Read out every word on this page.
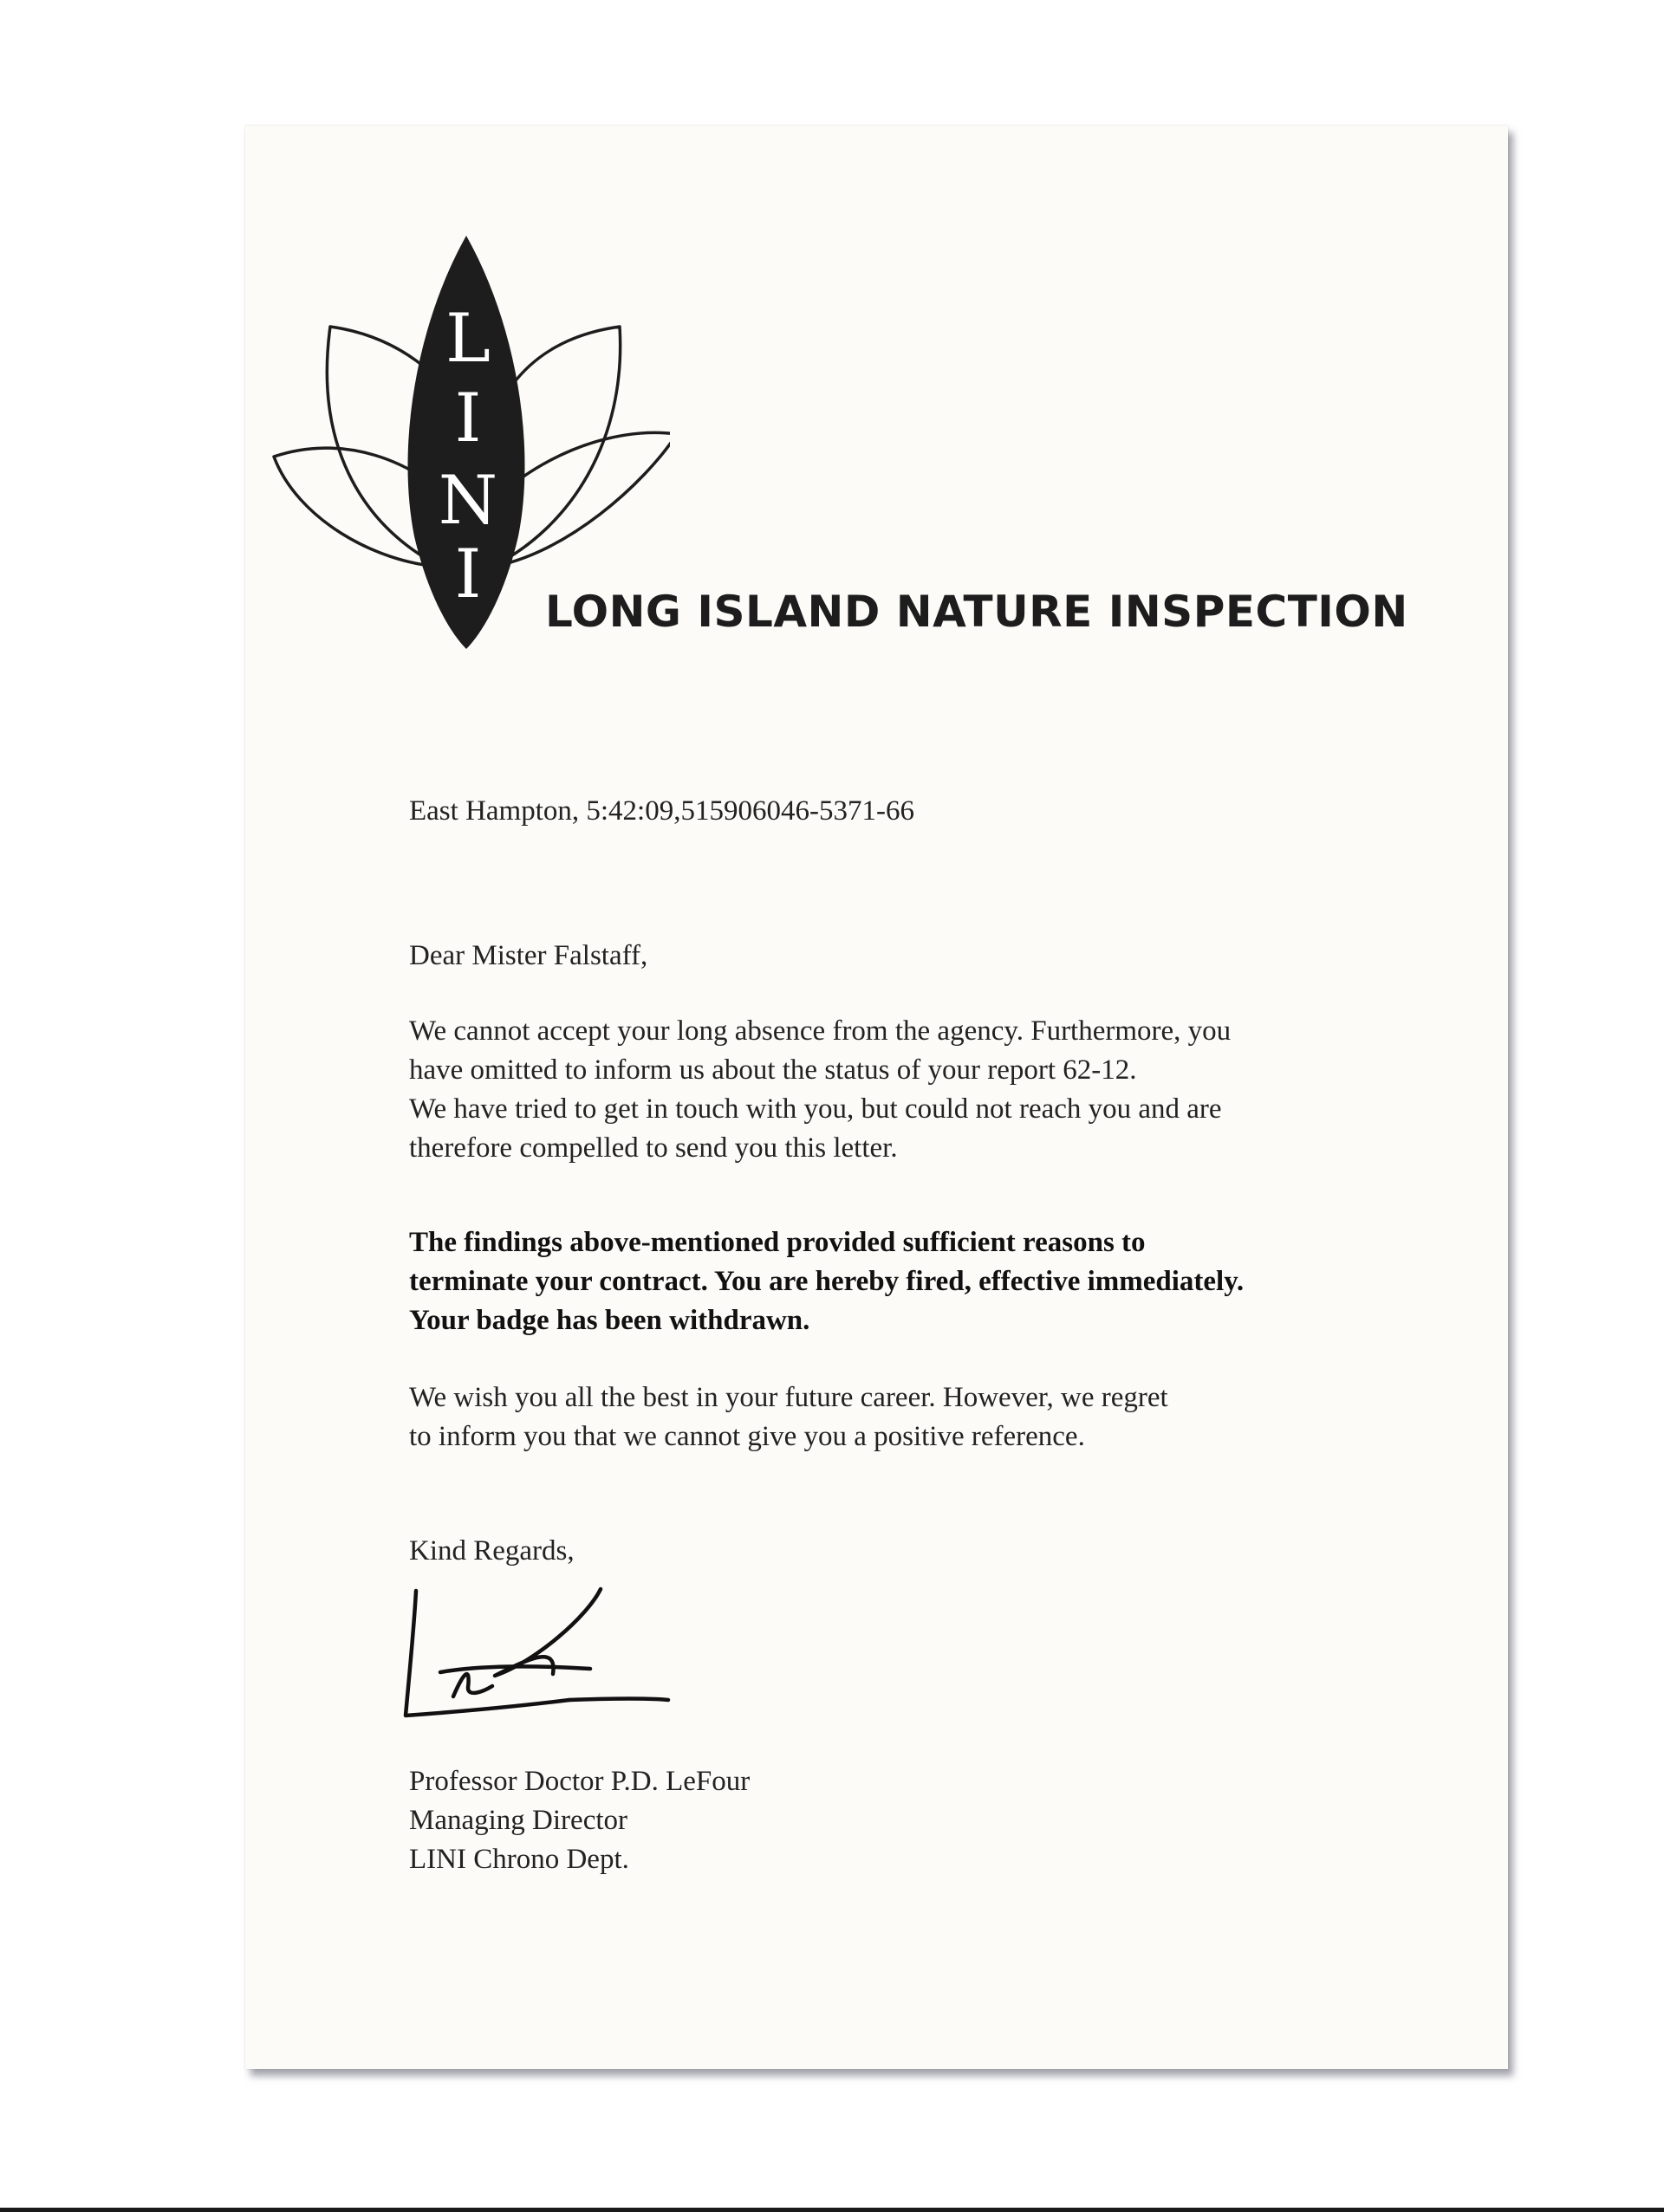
L
I
N
I LONG ISLAND NATURE INSPECTION

East Hampton, 5:42:09,515906046-5371-66

Dear Mister Falstaff,

We cannot accept your long absence from the agency. Furthermore, you
have omitted to inform us about the status of your report 62-12.
We have tried to get in touch with you, but could not reach you and are
therefore compelled to send you this letter.

The findings above-mentioned provided sufficient reasons to
terminate your contract. You are hereby fired, effective immediately.
Your badge has been withdrawn.

We wish you all the best in your future career. However, we regret
to inform you that we cannot give you a positive reference.

Kind Regards,

Professor Doctor P.D. LeFour
Managing Director
LINI Chrono Dept.
